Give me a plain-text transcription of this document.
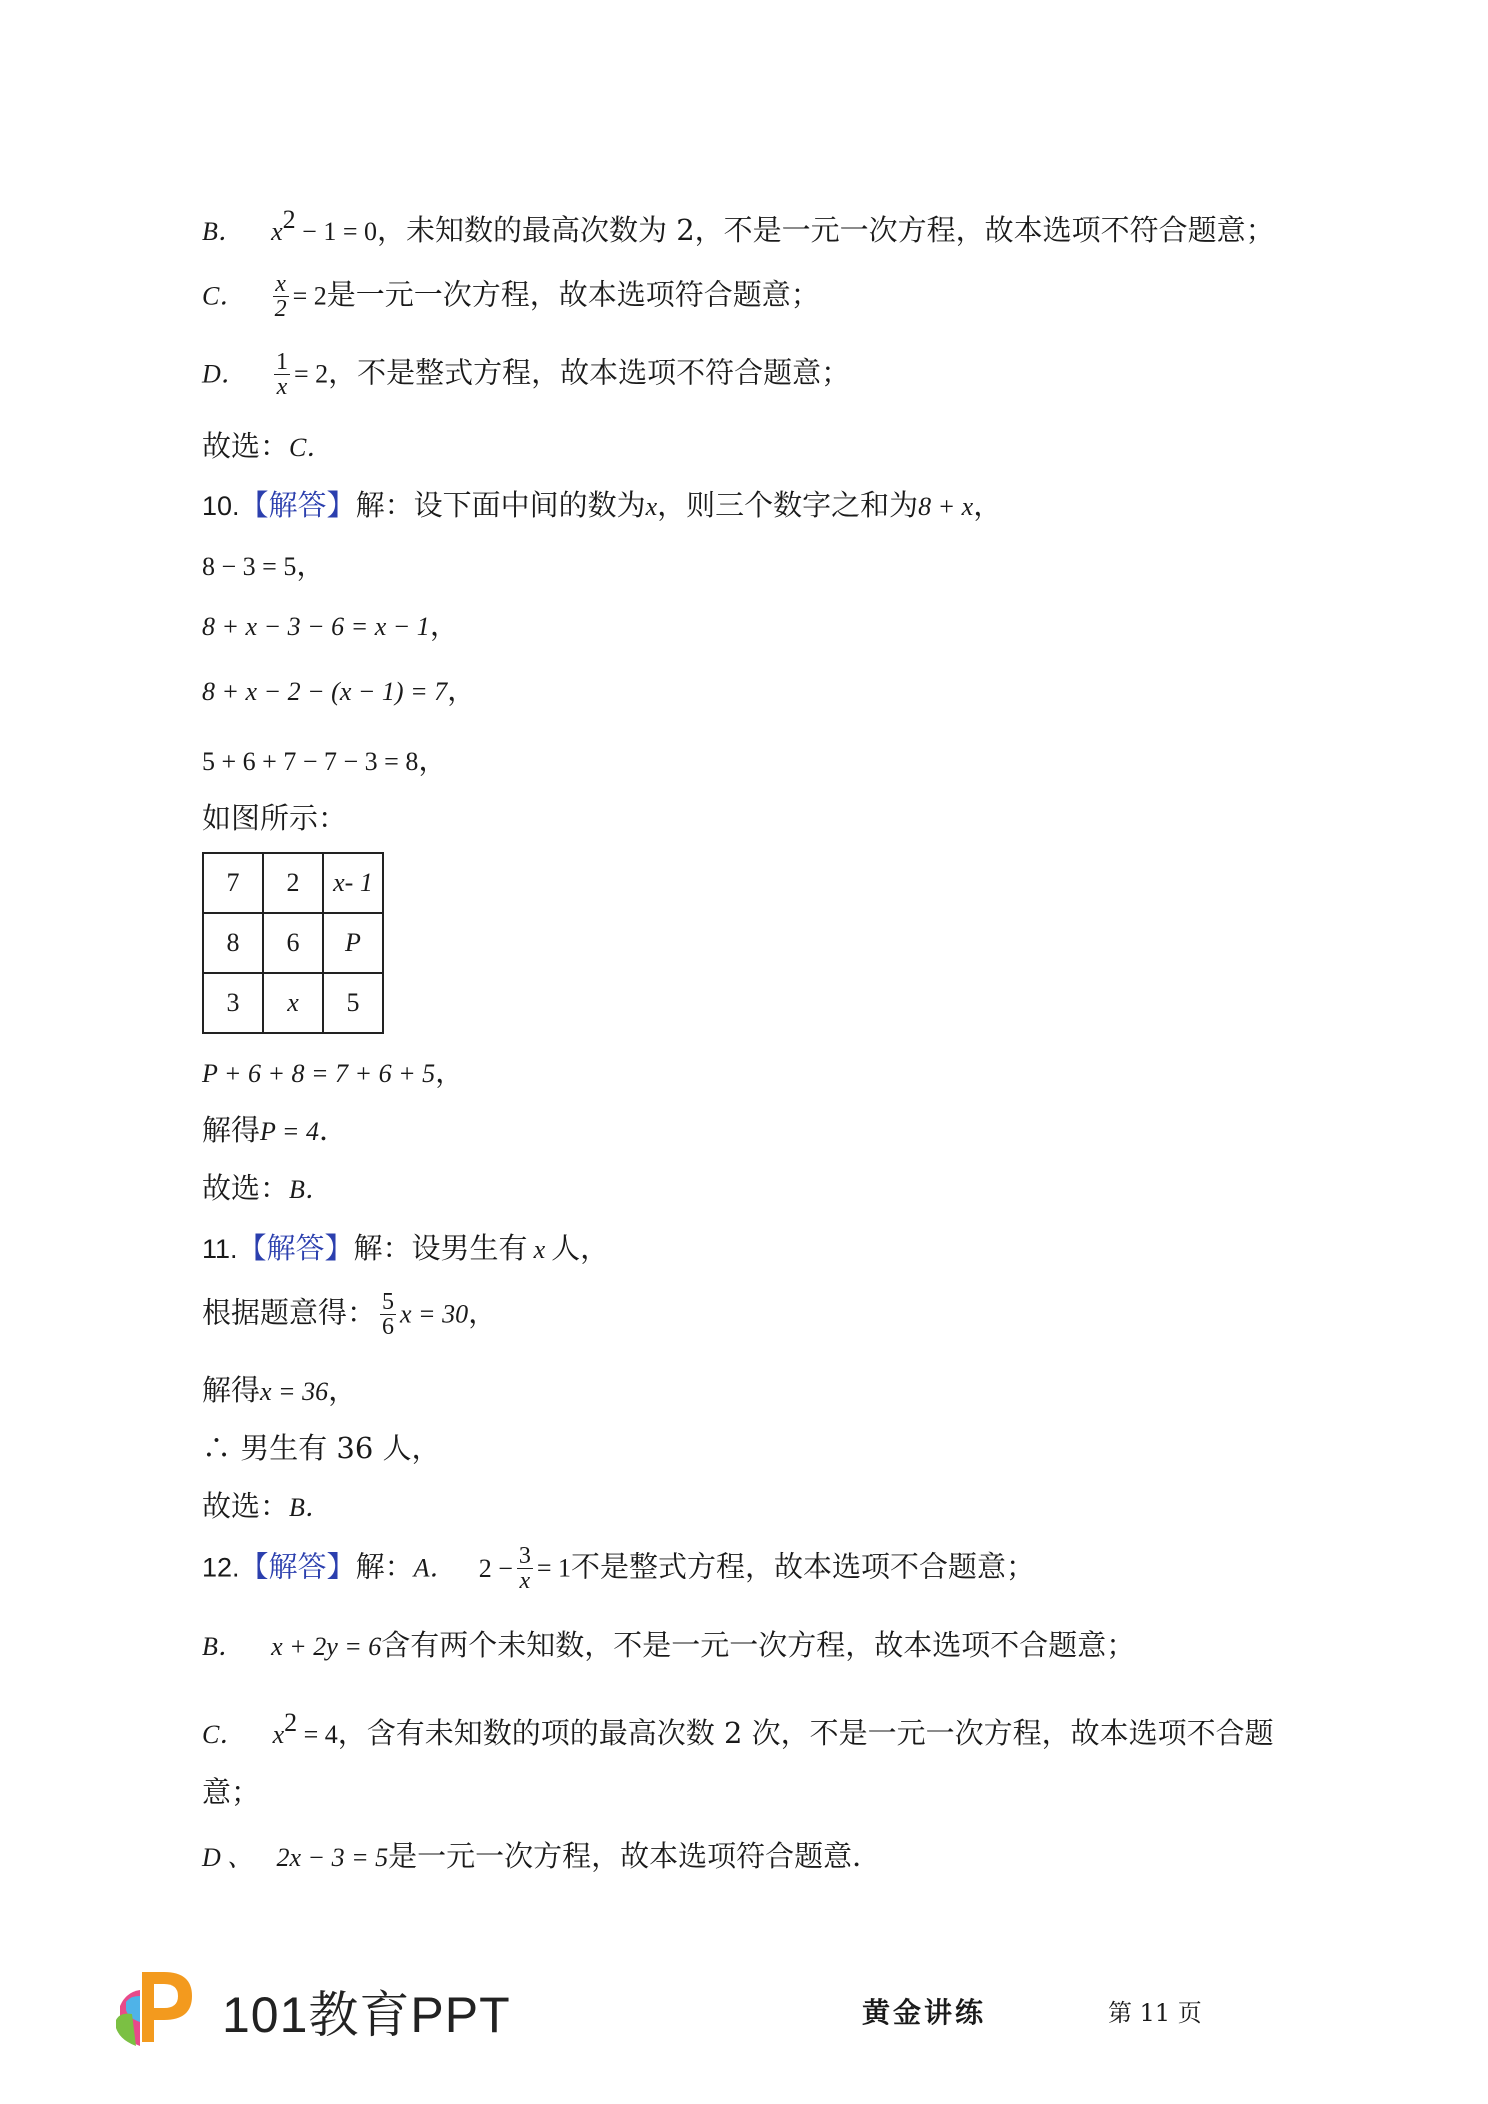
B． $x^2 - 1 = 0$，未知数的最高次数为 2，不是一元一次方程，故本选项不符合题意；
C． $\frac{x}{2} = 2$是一元一次方程，故本选项符合题意；
D． $\frac{1}{x} = 2$，不是整式方程，故本选项不符合题意；
故选：C．
10.【解答】解：设下面中间的数为x，则三个数字之和为8 + x，
8 − 3 = 5，
8 + x − 3 − 6 = x − 1，
8 + x − 2 − (x − 1) = 7，
5 + 6 + 7 − 7 − 3 = 8，
如图所示：
7	2	x- 1
8	6	P
3	x	5
P + 6 + 8 = 7 + 6 + 5，
解得P = 4．
故选：B．
11.【解答】解：设男生有 x 人，
根据题意得： $\frac{5}{6}$ x = 30，
解得x = 36，
∴ 男生有 36 人，
故选：B．
12.【解答】解：A． $2 - \frac{3}{x} = 1$不是整式方程，故本选项不合题意；
B． x + 2y = 6含有两个未知数，不是一元一次方程，故本选项不合题意；
C． $x^2 = 4$，含有未知数的项的最高次数 2 次，不是一元一次方程，故本选项不合题
意；
D 、 2x − 3 = 5是一元一次方程，故本选项符合题意．
101教育PPT	黄金讲练	第 11 页
